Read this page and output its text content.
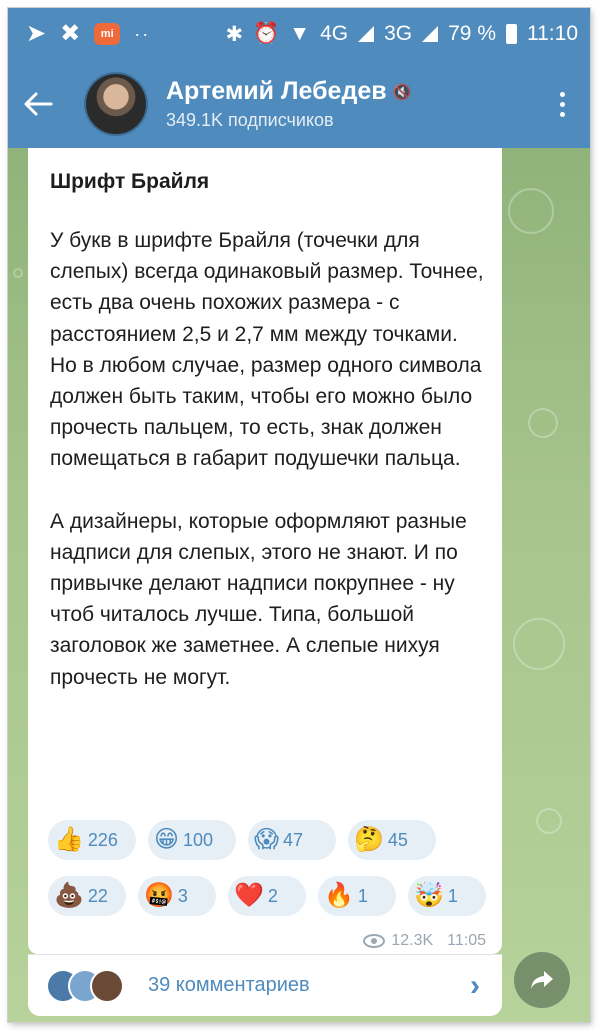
➤ ✖	mi	··	✱ ⏰ ▼ 4G 3G 79 % 11:10
Артемий Лебедев 🔇
349.1K подписчиков
Шрифт Брайля

У букв в шрифте Брайля (точечки для слепых) всегда одинаковый размер. Точнее, есть два очень похожих размера - с расстоянием 2,5 и 2,7 мм между точками. Но в любом случае, размер одного символа должен быть таким, чтобы его можно было прочесть пальцем, то есть, знак должен помещаться в габарит подушечки пальца.

А дизайнеры, которые оформляют разные надписи для слепых, этого не знают. И по привычке делают надписи покрупнее - ну чтоб читалось лучше. Типа, большой заголовок же заметнее. А слепые нихуя прочесть не могут.

👍 226 😁 100 😱 47 🤔 45
💩 22 🤬 3 ❤️ 2 🔥 1 🤯 1
12.3K 11:05
39 комментариев	›
